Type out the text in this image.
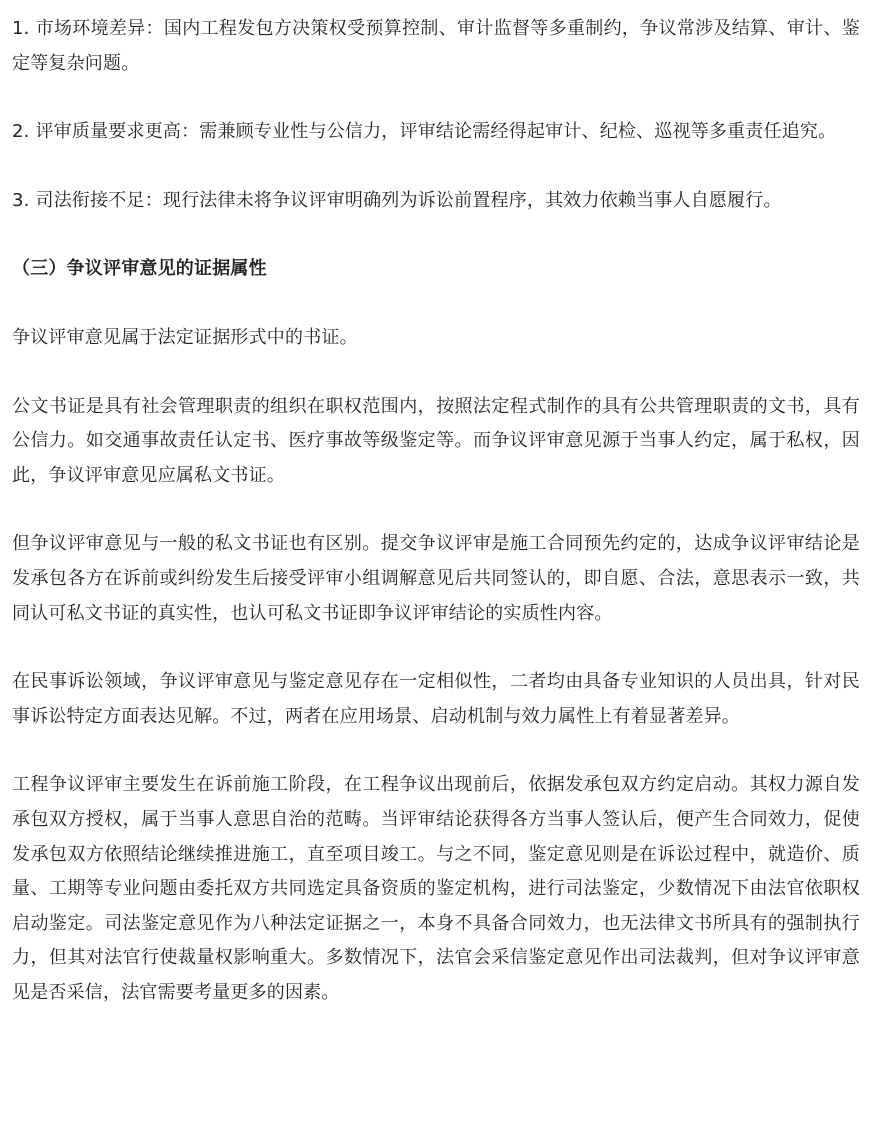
1. 市场环境差异：国内工程发包方决策权受预算控制、审计监督等多重制约，争议常涉及结算、审计、鉴定等复杂问题。

2. 评审质量要求更高：需兼顾专业性与公信力，评审结论需经得起审计、纪检、巡视等多重责任追究。

3. 司法衔接不足：现行法律未将争议评审明确列为诉讼前置程序，其效力依赖当事人自愿履行。

（三）争议评审意见的证据属性

争议评审意见属于法定证据形式中的书证。

公文书证是具有社会管理职责的组织在职权范围内，按照法定程式制作的具有公共管理职责的文书，具有公信力。如交通事故责任认定书、医疗事故等级鉴定等。而争议评审意见源于当事人约定，属于私权，因此，争议评审意见应属私文书证。

但争议评审意见与一般的私文书证也有区别。提交争议评审是施工合同预先约定的，达成争议评审结论是发承包各方在诉前或纠纷发生后接受评审小组调解意见后共同签认的，即自愿、合法，意思表示一致，共同认可私文书证的真实性，也认可私文书证即争议评审结论的实质性内容。

在民事诉讼领域，争议评审意见与鉴定意见存在一定相似性，二者均由具备专业知识的人员出具，针对民事诉讼特定方面表达见解。不过，两者在应用场景、启动机制与效力属性上有着显著差异。

工程争议评审主要发生在诉前施工阶段，在工程争议出现前后，依据发承包双方约定启动。其权力源自发承包双方授权，属于当事人意思自治的范畴。当评审结论获得各方当事人签认后，便产生合同效力，促使发承包双方依照结论继续推进施工，直至项目竣工。与之不同，鉴定意见则是在诉讼过程中，就造价、质量、工期等专业问题由委托双方共同选定具备资质的鉴定机构，进行司法鉴定，少数情况下由法官依职权启动鉴定。司法鉴定意见作为八种法定证据之一，本身不具备合同效力，也无法律文书所具有的强制执行力，但其对法官行使裁量权影响重大。多数情况下，法官会采信鉴定意见作出司法裁判，但对争议评审意见是否采信，法官需要考量更多的因素。
